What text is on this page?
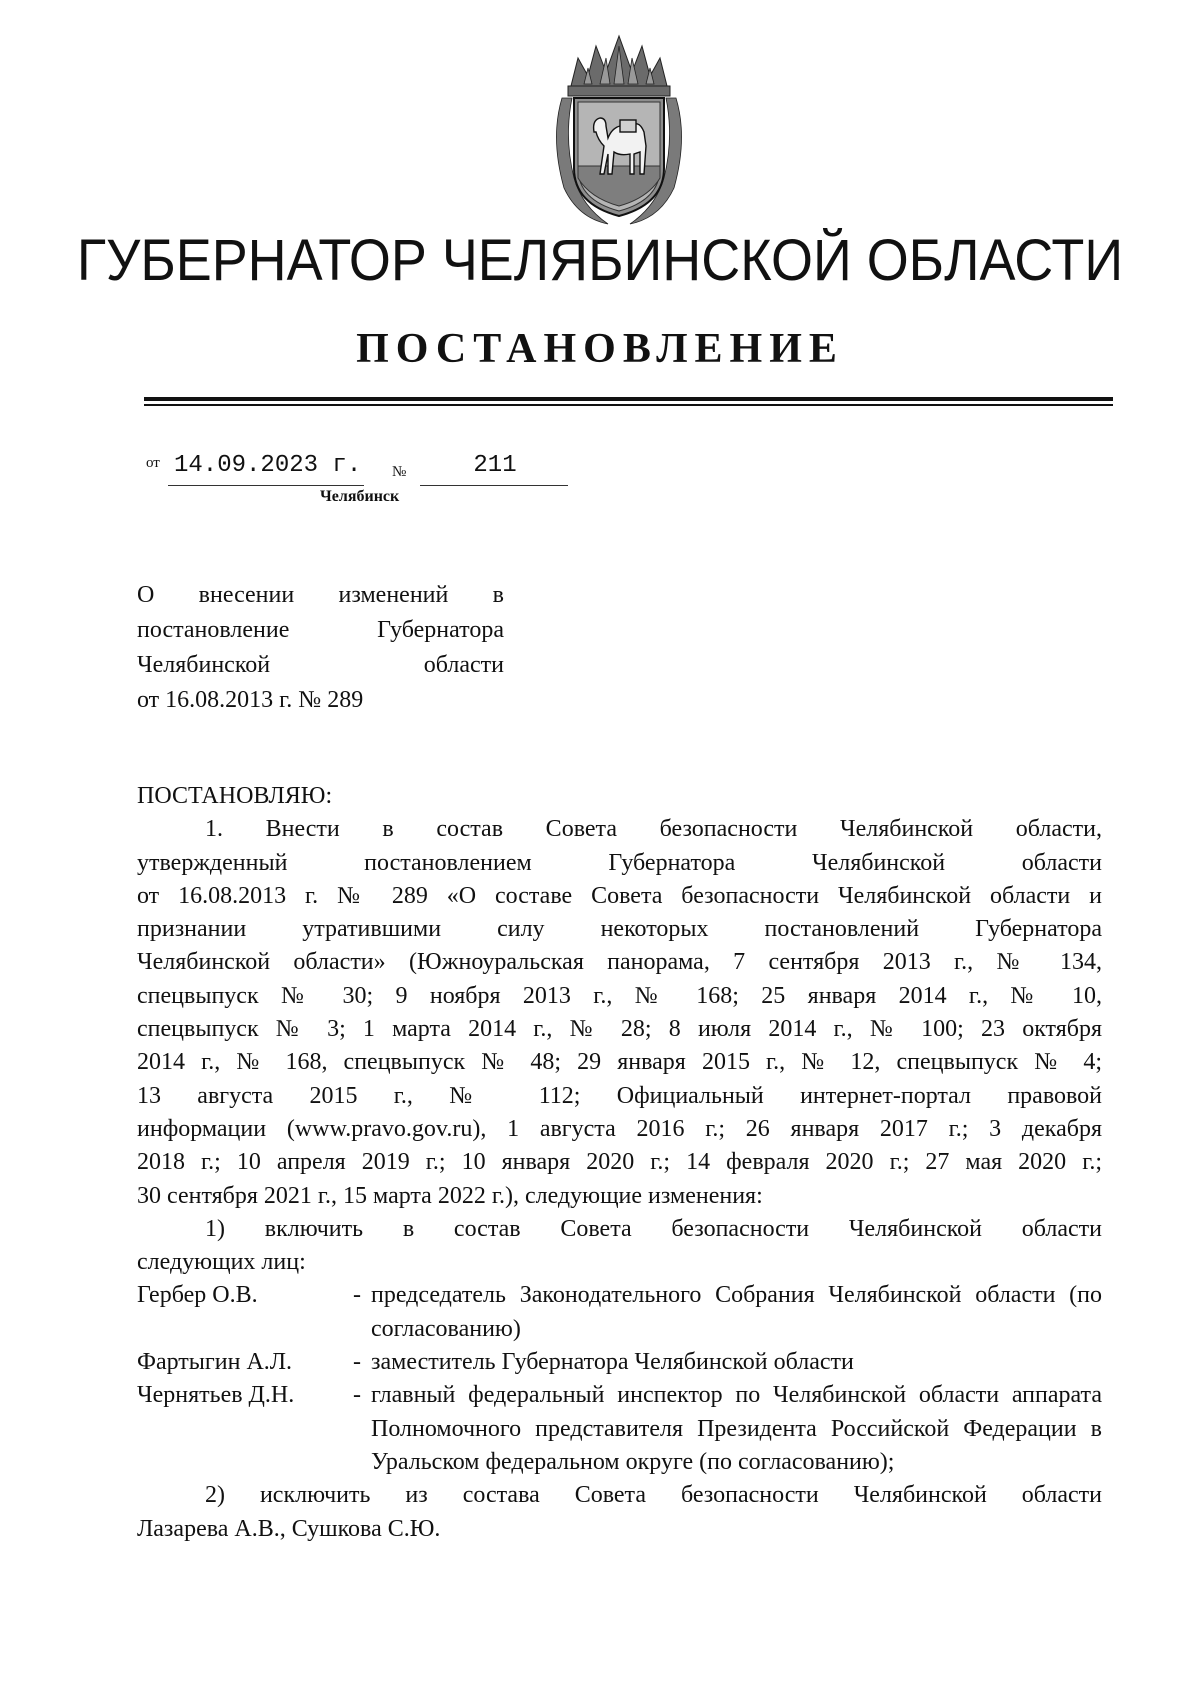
ГУБЕРНАТОР ЧЕЛЯБИНСКОЙ ОБЛАСТИ
ПОСТАНОВЛЕНИЕ
от 14.09.2023 г. №	211
Челябинск
О внесении изменений в
постановление Губернатора
Челябинской области
от 16.08.2013 г. № 289

ПОСТАНОВЛЯЮ:

1. Внести в состав Совета безопасности Челябинской области,

утвержденный постановлением Губернатора Челябинской области

от 16.08.2013 г. № 289 «О составе Совета безопасности Челябинской области и

признании утратившими силу некоторых постановлений Губернатора

Челябинской области» (Южноуральская панорама, 7 сентября 2013 г., № 134,

спецвыпуск № 30; 9 ноября 2013 г., № 168; 25 января 2014 г., № 10,

спецвыпуск № 3; 1 марта 2014 г., № 28; 8 июля 2014 г., № 100; 23 октября

2014 г., № 168, спецвыпуск № 48; 29 января 2015 г., № 12, спецвыпуск № 4;

13 августа 2015 г., № 112; Официальный интернет-портал правовой

информации (www.pravo.gov.ru), 1 августа 2016 г.; 26 января 2017 г.; 3 декабря

2018 г.; 10 апреля 2019 г.; 10 января 2020 г.; 14 февраля 2020 г.; 27 мая 2020 г.;

30 сентября 2021 г., 15 марта 2022 г.), следующие изменения:

1) включить в состав Совета безопасности Челябинской области

следующих лиц:

Гербер О.В.	-	председатель Законодательного Собрания Челябинской области (по согласованию)
Фартыгин А.Л.	-	заместитель Губернатора Челябинской области
Чернятьев Д.Н.	-	главный федеральный инспектор по Челябинской области аппарата Полномочного представителя Президента Российской Федерации в Уральском федеральном округе (по согласованию);

2) исключить из состава Совета безопасности Челябинской области

Лазарева А.В., Сушкова С.Ю.
